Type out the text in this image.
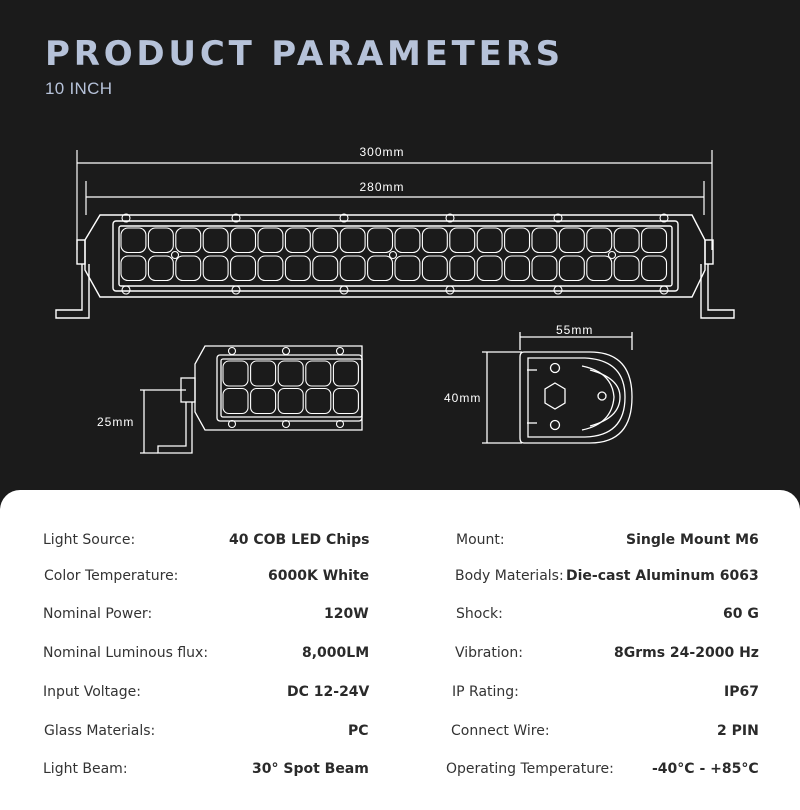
PRODUCT PARAMETERS
10 INCH
300mm
280mm
25mm
55mm
40mm
Light Source:	40 COB LED Chips
Color Temperature:	6000K White
Nominal Power:	120W
Nominal Luminous flux:	8,000LM
Input Voltage:	DC 12-24V
Glass Materials:	PC
Light Beam:	30° Spot Beam
Mount:	Single Mount M6
Body Materials: Die-cast Aluminum 6063
Shock:	60 G
Vibration:	8Grms 24-2000 Hz
IP Rating:	IP67
Connect Wire:	2 PIN
Operating Temperature:	-40°C - +85°C
